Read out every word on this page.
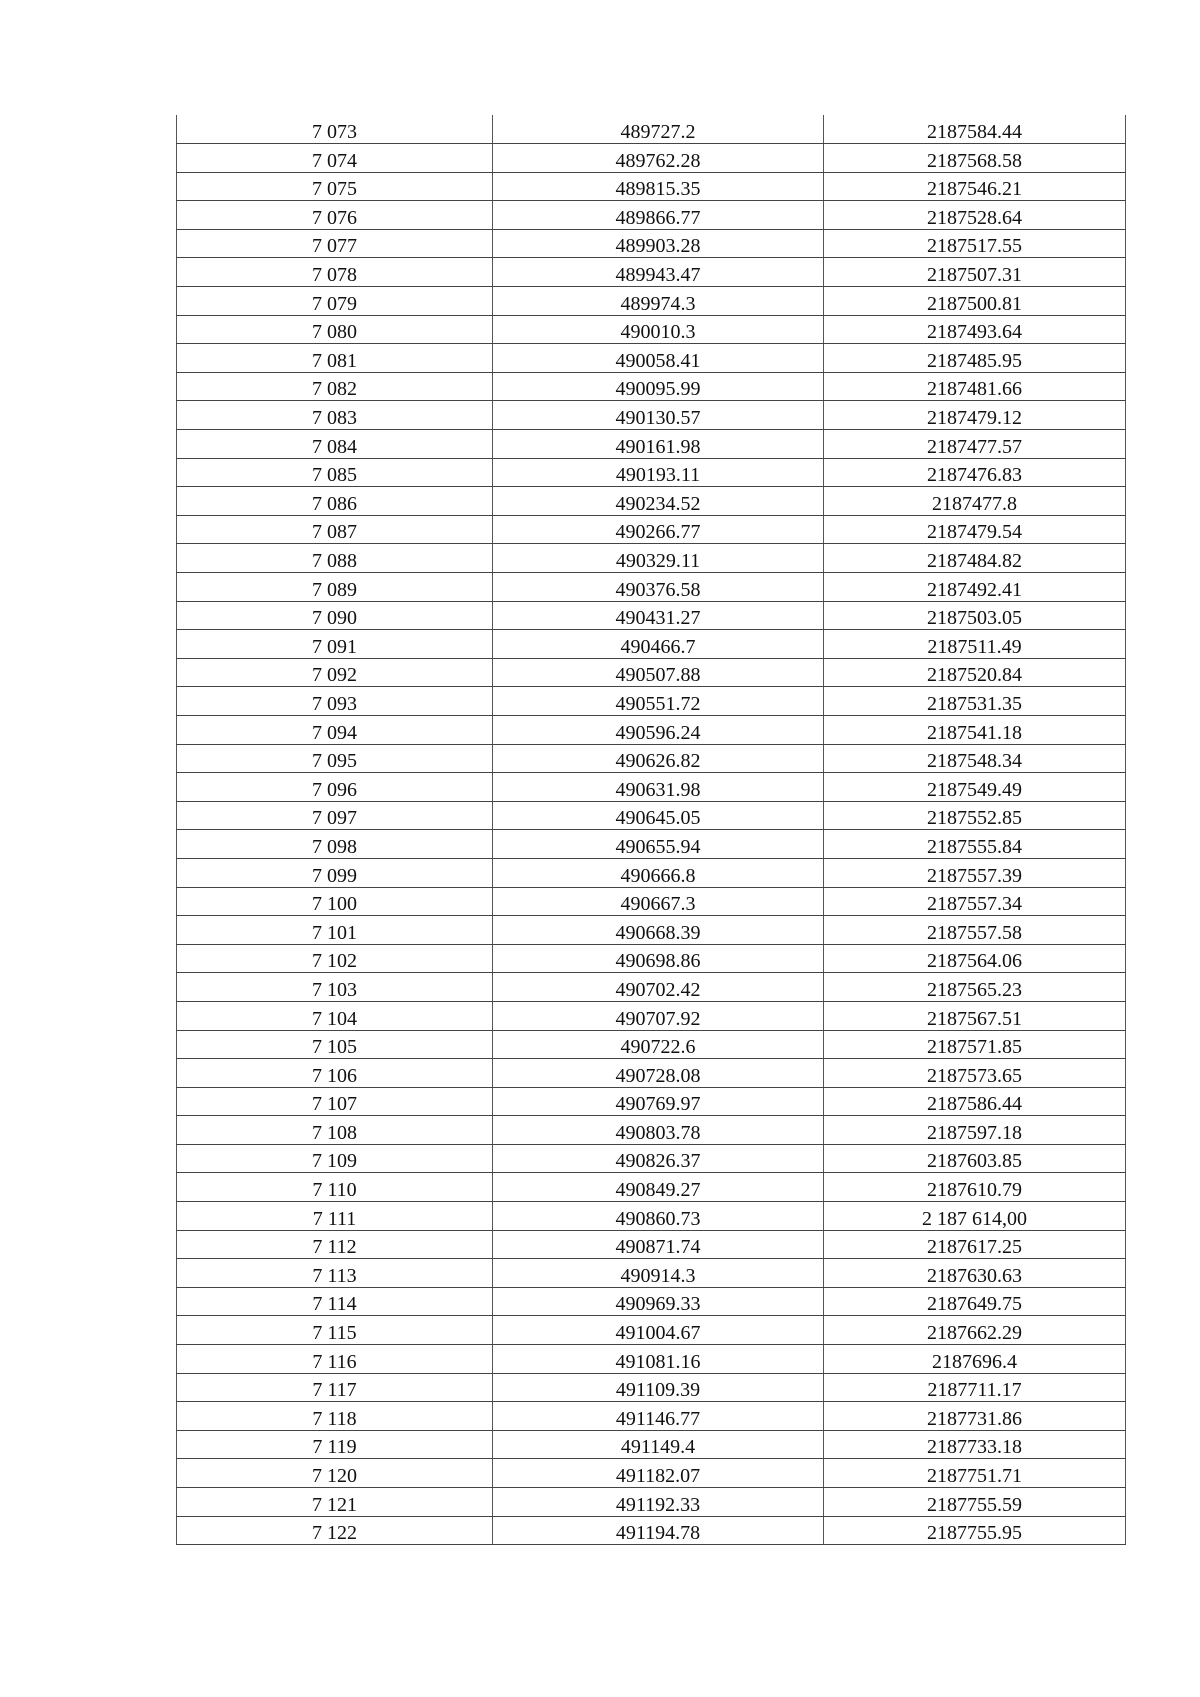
7 073	489727.2	2187584.44
7 074	489762.28	2187568.58
7 075	489815.35	2187546.21
7 076	489866.77	2187528.64
7 077	489903.28	2187517.55
7 078	489943.47	2187507.31
7 079	489974.3	2187500.81
7 080	490010.3	2187493.64
7 081	490058.41	2187485.95
7 082	490095.99	2187481.66
7 083	490130.57	2187479.12
7 084	490161.98	2187477.57
7 085	490193.11	2187476.83
7 086	490234.52	2187477.8
7 087	490266.77	2187479.54
7 088	490329.11	2187484.82
7 089	490376.58	2187492.41
7 090	490431.27	2187503.05
7 091	490466.7	2187511.49
7 092	490507.88	2187520.84
7 093	490551.72	2187531.35
7 094	490596.24	2187541.18
7 095	490626.82	2187548.34
7 096	490631.98	2187549.49
7 097	490645.05	2187552.85
7 098	490655.94	2187555.84
7 099	490666.8	2187557.39
7 100	490667.3	2187557.34
7 101	490668.39	2187557.58
7 102	490698.86	2187564.06
7 103	490702.42	2187565.23
7 104	490707.92	2187567.51
7 105	490722.6	2187571.85
7 106	490728.08	2187573.65
7 107	490769.97	2187586.44
7 108	490803.78	2187597.18
7 109	490826.37	2187603.85
7 110	490849.27	2187610.79
7 111	490860.73	2 187 614,00
7 112	490871.74	2187617.25
7 113	490914.3	2187630.63
7 114	490969.33	2187649.75
7 115	491004.67	2187662.29
7 116	491081.16	2187696.4
7 117	491109.39	2187711.17
7 118	491146.77	2187731.86
7 119	491149.4	2187733.18
7 120	491182.07	2187751.71
7 121	491192.33	2187755.59
7 122	491194.78	2187755.95
